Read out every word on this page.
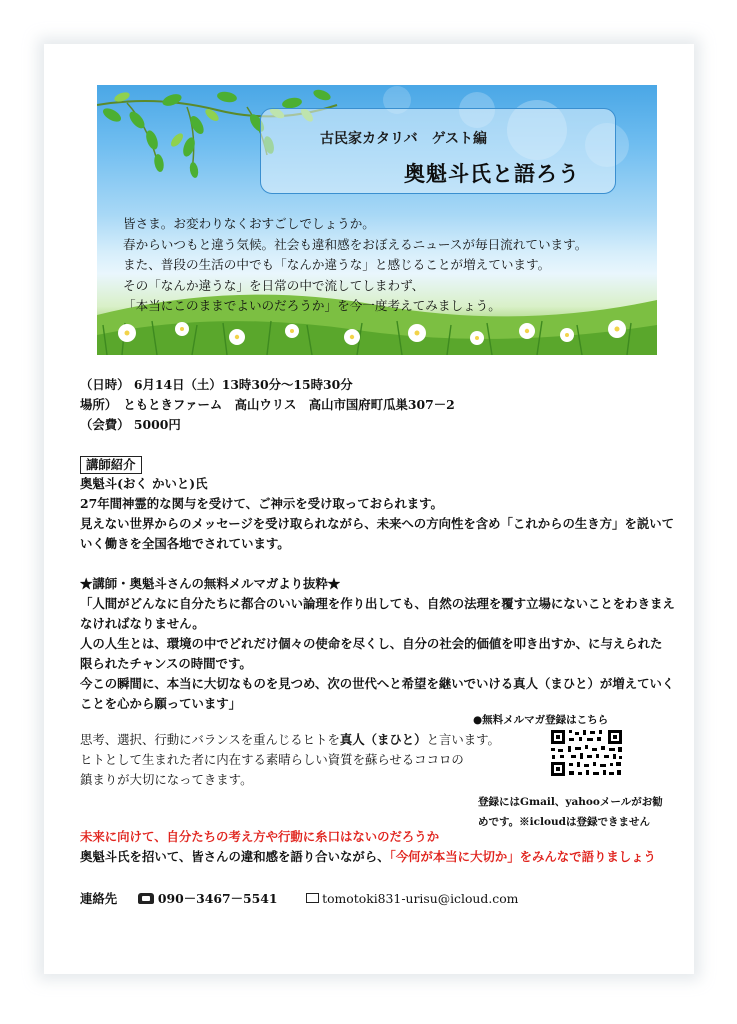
古民家カタリバ　ゲスト編
奥魁斗氏と語ろう
皆さま。お変わりなくおすごしでしょうか。
春からいつもと違う気候。社会も違和感をおぼえるニュースが毎日流れています。
また、普段の生活の中でも「なんか違うな」と感じることが増えています。
その「なんか違うな」を日常の中で流してしまわず、
「本当にこのままでよいのだろうか」を今一度考えてみましょう。
（日時） 6月14日（土）13時30分～15時30分
場所）　ともときファーム　高山ウリス　高山市国府町瓜巣307－2
（会費） 5000円
講師紹介
奥魁斗(おく かいと)氏
27年間神霊的な関与を受けて、ご神示を受け取っておられます。
見えない世界からのメッセージを受け取られながら、未来への方向性を含め「これからの生き方」を説いて
いく働きを全国各地でされています。
★講師・奥魁斗さんの無料メルマガより抜粋★
「人間がどんなに自分たちに都合のいい論理を作り出しても、自然の法理を覆す立場にないことをわきまえ
なければなりません。
人の人生とは、環境の中でどれだけ個々の使命を尽くし、自分の社会的価値を叩き出すか、に与えられた
限られたチャンスの時間です。
今この瞬間に、本当に大切なものを見つめ、次の世代へと希望を継いでいける真人（まひと）が増えていく
ことを心から願っています」
●無料メルマガ登録はこちら
登録にはGmail、yahooメールがお勧
めです。※icloudは登録できません
思考、選択、行動にバランスを重んじるヒトを真人（まひと）と言います。
ヒトとして生まれた者に内在する素晴らしい資質を蘇らせるココロの
鎮まりが大切になってきます。
未来に向けて、自分たちの考え方や行動に糸口はないのだろうか
奥魁斗氏を招いて、皆さんの違和感を語り合いながら、「今何が本当に大切か」をみんなで語りましょう
連絡先	090－3467－5541	tomotoki831-urisu@icloud.com
